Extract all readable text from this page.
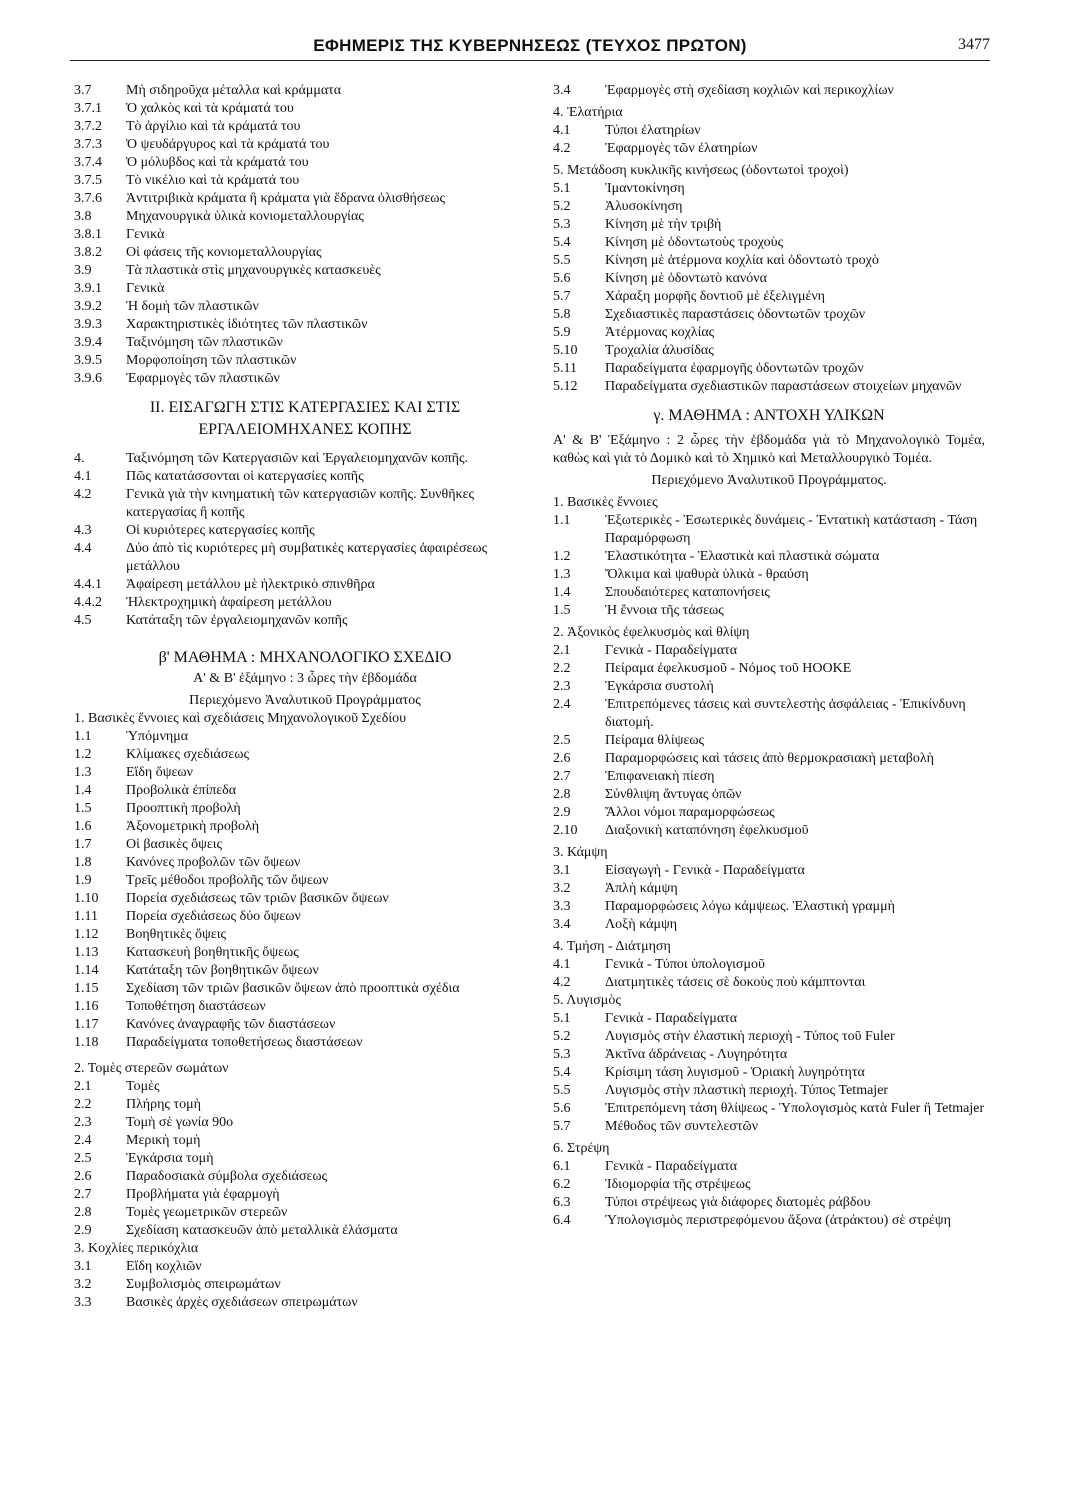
ΕΦΗΜΕΡΙΣ ΤΗΣ ΚΥΒΕΡΝΗΣΕΩΣ (ΤΕΥΧΟΣ ΠΡΩΤΟΝ)	3477
3.7	Μὴ σιδηροῦχα μέταλλα καὶ κράμματα
3.7.1	Ὁ χαλκὸς καὶ τὰ κράματά του
3.7.2	Τὸ ἀργίλιο καὶ τὰ κράματά του
3.7.3	Ὁ ψευδάργυρος καὶ τὰ κράματά του
3.7.4	Ὁ μόλυβδος καὶ τὰ κράματά του
3.7.5	Τὸ νικέλιο καὶ τὰ κράματά του
3.7.6	Ἀντιτριβικὰ κράματα ἢ κράματα γιὰ ἕδρανα ὀλισθήσεως
3.8	Μηχανουργικὰ ὑλικὰ κονιομεταλλουργίας
3.8.1	Γενικὰ
3.8.2	Οἱ φάσεις τῆς κονιομεταλλουργίας
3.9	Τὰ πλαστικὰ στὶς μηχανουργικὲς κατασκευὲς
3.9.1	Γενικὰ
3.9.2	Ἡ δομὴ τῶν πλαστικῶν
3.9.3	Χαρακτηριστικὲς ἰδιότητες τῶν πλαστικῶν
3.9.4	Ταξινόμηση τῶν πλαστικῶν
3.9.5	Μορφοποίηση τῶν πλαστικῶν
3.9.6	Ἐφαρμογὲς τῶν πλαστικῶν
II. ΕΙΣΑΓΩΓΗ ΣΤΙΣ ΚΑΤΕΡΓΑΣΙΕΣ ΚΑΙ ΣΤΙΣ
ΕΡΓΑΛΕΙΟΜΗΧΑΝΕΣ ΚΟΠΗΣ
4.	Ταξινόμηση τῶν Κατεργασιῶν καὶ Ἐργαλειομηχανῶν κοπῆς.
4.1	Πῶς κατατάσσονται οἱ κατεργασίες κοπῆς
4.2	Γενικὰ γιὰ τὴν κινηματικὴ τῶν κατεργασιῶν κοπῆς. Συνθῆκες κατεργασίας ἢ κοπῆς
4.3	Οἱ κυριότερες κατεργασίες κοπῆς
4.4	Δύο ἀπὸ τὶς κυριότερες μὴ συμβατικὲς κατεργασίες ἀφαιρέσεως μετάλλου
4.4.1	Ἀφαίρεση μετάλλου μὲ ἠλεκτρικὸ σπινθῆρα
4.4.2	Ἠλεκτροχημικὴ ἀφαίρεση μετάλλου
4.5	Κατάταξη τῶν ἐργαλειομηχανῶν κοπῆς
β' ΜΑΘΗΜΑ : ΜΗΧΑΝΟΛΟΓΙΚΟ ΣΧΕΔΙΟ
Α' & Β' ἑξάμηνο : 3 ὧρες τὴν ἑβδομάδα
Περιεχόμενο Ἀναλυτικοῦ Προγράμματος
1. Βασικὲς ἔννοιες καὶ σχεδιάσεις Μηχανολογικοῦ Σχεδίου
1.1	Ὑπόμνημα
1.2	Κλίμακες σχεδιάσεως
1.3	Εἴδη ὄψεων
1.4	Προβολικὰ ἐπίπεδα
1.5	Προοπτικὴ προβολὴ
1.6	Ἀξονομετρικὴ προβολὴ
1.7	Οἱ βασικὲς ὄψεις
1.8	Κανόνες προβολῶν τῶν ὄψεων
1.9	Τρεῖς μέθοδοι προβολῆς τῶν ὄψεων
1.10	Πορεία σχεδιάσεως τῶν τριῶν βασικῶν ὄψεων
1.11	Πορεία σχεδιάσεως δύο ὄψεων
1.12	Βοηθητικὲς ὄψεις
1.13	Κατασκευὴ βοηθητικῆς ὄψεως
1.14	Κατάταξη τῶν βοηθητικῶν ὄψεων
1.15	Σχεδίαση τῶν τριῶν βασικῶν ὄψεων ἀπὸ προοπτικὰ σχέδια
1.16	Τοποθέτηση διαστάσεων
1.17	Κανόνες ἀναγραφῆς τῶν διαστάσεων
1.18	Παραδείγματα τοποθετήσεως διαστάσεων
2. Τομὲς στερεῶν σωμάτων
2.1	Τομὲς
2.2	Πλήρης τομὴ
2.3	Τομὴ σὲ γωνία 90ο
2.4	Μερικὴ τομὴ
2.5	Ἐγκάρσια τομὴ
2.6	Παραδοσιακὰ σύμβολα σχεδιάσεως
2.7	Προβλήματα γιὰ ἐφαρμογὴ
2.8	Τομὲς γεωμετρικῶν στερεῶν
2.9	Σχεδίαση κατασκευῶν ἀπὸ μεταλλικὰ ἐλάσματα
3. Κοχλίες περικόχλια
3.1	Εἴδη κοχλιῶν
3.2	Συμβολισμὸς σπειρωμάτων
3.3	Βασικὲς ἀρχὲς σχεδιάσεων σπειρωμάτων
3.4	Ἐφαρμογὲς στὴ σχεδίαση κοχλιῶν καὶ περικοχλίων
4. Ἐλατήρια
4.1	Τύποι ἐλατηρίων
4.2	Ἐφαρμογὲς τῶν ἐλατηρίων
5. Μετάδοση κυκλικῆς κινήσεως (ὀδοντωτοὶ τροχοὶ)
5.1	Ἱμαντοκίνηση
5.2	Ἀλυσοκίνηση
5.3	Κίνηση μὲ τὴν τριβὴ
5.4	Κίνηση μὲ ὀδοντωτοὺς τροχοὺς
5.5	Κίνηση μὲ ἀτέρμονα κοχλία καὶ ὀδοντωτὸ τροχὸ
5.6	Κίνηση μὲ ὀδοντωτὸ κανόνα
5.7	Χάραξη μορφῆς δοντιοῦ μὲ ἐξελιγμένη
5.8	Σχεδιαστικὲς παραστάσεις ὀδοντωτῶν τροχῶν
5.9	Ἀτέρμονας κοχλίας
5.10	Τροχαλία ἀλυσίδας
5.11	Παραδείγματα ἐφαρμογῆς ὀδοντωτῶν τροχῶν
5.12	Παραδείγματα σχεδιαστικῶν παραστάσεων στοιχείων μηχανῶν
γ. ΜΑΘΗΜΑ : ΑΝΤΟΧΗ ΥΛΙΚΩΝ
Α' & Β' Ἑξάμηνο : 2 ὧρες τὴν ἑβδομάδα γιὰ τὸ Μηχανολογικὸ Τομέα, καθὼς καὶ γιὰ τὸ Δομικὸ καὶ τὸ Χημικὸ καὶ Μεταλλουργικὸ Τομέα.
Περιεχόμενο Ἀναλυτικοῦ Προγράμματος.
1. Βασικὲς ἔννοιες
1.1	Ἐξωτερικὲς - Ἐσωτερικὲς δυνάμεις - Ἐντατικὴ κατάσταση - Τάση Παραμόρφωση
1.2	Ἐλαστικότητα - Ἐλαστικὰ καὶ πλαστικὰ σώματα
1.3	Ὄλκιμα καὶ ψαθυρὰ ὑλικὰ - θραύση
1.4	Σπουδαιότερες καταπονήσεις
1.5	Ἡ ἔννοια τῆς τάσεως
2. Ἀξονικὸς ἐφελκυσμὸς καὶ θλίψη
2.1	Γενικὰ - Παραδείγματα
2.2	Πείραμα ἐφελκυσμοῦ - Νόμος τοῦ HOOKE
2.3	Ἐγκάρσια συστολὴ
2.4	Ἐπιτρεπόμενες τάσεις καὶ συντελεστὴς ἀσφάλειας - Ἐπικίνδυνη διατομή.
2.5	Πείραμα θλίψεως
2.6	Παραμορφώσεις καὶ τάσεις ἀπὸ θερμοκρασιακὴ μεταβολὴ
2.7	Ἐπιφανειακὴ πίεση
2.8	Σύνθλιψη ἄντυγας ὀπῶν
2.9	Ἄλλοι νόμοι παραμορφώσεως
2.10	Διαξονικὴ καταπόνηση ἐφελκυσμοῦ
3. Κάμψη
3.1	Εἰσαγωγὴ - Γενικὰ - Παραδείγματα
3.2	Ἁπλὴ κάμψη
3.3	Παραμορφώσεις λόγω κάμψεως. Ἐλαστικὴ γραμμὴ
3.4	Λοξὴ κάμψη
4. Τμήση - Διάτμηση
4.1	Γενικὰ - Τύποι ὑπολογισμοῦ
4.2	Διατμητικὲς τάσεις σὲ δοκοὺς ποὺ κάμπτονται
5. Λυγισμὸς
5.1	Γενικὰ - Παραδείγματα
5.2	Λυγισμὸς στὴν ἐλαστικὴ περιοχὴ - Τύπος τοῦ Fuler
5.3	Ἀκτῖνα ἀδράνειας - Λυγηρότητα
5.4	Κρίσιμη τάση λυγισμοῦ - Ὁριακὴ λυγηρότητα
5.5	Λυγισμὸς στὴν πλαστικὴ περιοχή. Τύπος Tetmajer
5.6	Ἐπιτρεπόμενη τάση θλίψεως - Ὑπολογισμὸς κατὰ Fuler ἢ Tetmajer
5.7	Μέθοδος τῶν συντελεστῶν
6. Στρέψη
6.1	Γενικὰ - Παραδείγματα
6.2	Ἰδιομορφία τῆς στρέψεως
6.3	Τύποι στρέψεως γιὰ διάφορες διατομὲς ράβδου
6.4	Ὑπολογισμὸς περιστρεφόμενου ἄξονα (ἀτράκτου) σὲ στρέψη
